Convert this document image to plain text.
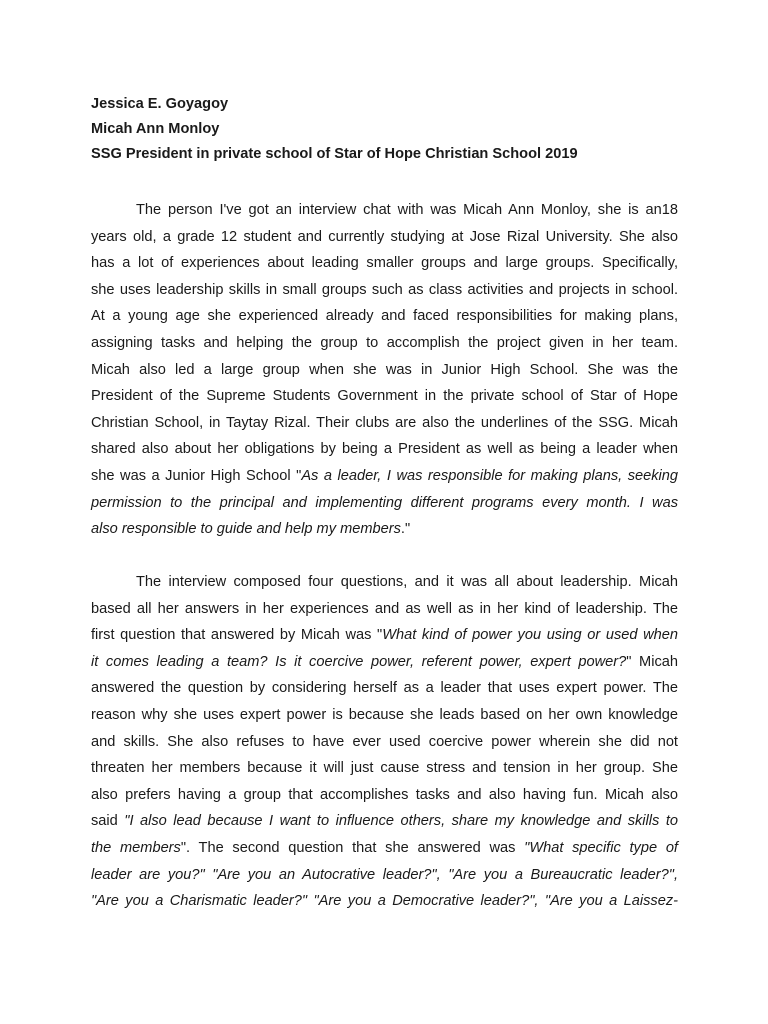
Jessica E. Goyagoy
Micah Ann Monloy
SSG President in private school of Star of Hope Christian School 2019
The person I've got an interview chat with was Micah Ann Monloy, she is an18
years old, a grade 12 student and currently studying at Jose Rizal University. She also
has a lot of experiences about leading smaller groups and large groups. Specifically,
she uses leadership skills in small groups such as class activities and projects in school.
At a young age she experienced already and faced responsibilities for making plans,
assigning tasks and helping the group to accomplish the project given in her team.
Micah also led a large group when she was in Junior High School. She was the
President of the Supreme Students Government in the private school of Star of Hope
Christian School, in Taytay Rizal. Their clubs are also the underlines of the SSG. Micah
shared also about her obligations by being a President as well as being a leader when
she was a Junior High School "As a leader, I was responsible for making plans, seeking
permission to the principal and implementing different programs every month. I was
also responsible to guide and help my members."
The interview composed four questions, and it was all about leadership. Micah
based all her answers in her experiences and as well as in her kind of leadership. The
first question that answered by Micah was "What kind of power you using or used when
it comes leading a team? Is it coercive power, referent power, expert power?" Micah
answered the question by considering herself as a leader that uses expert power. The
reason why she uses expert power is because she leads based on her own knowledge
and skills. She also refuses to have ever used coercive power wherein she did not
threaten her members because it will just cause stress and tension in her group. She
also prefers having a group that accomplishes tasks and also having fun. Micah also
said "I also lead because I want to influence others, share my knowledge and skills to
the members". The second question that she answered was "What specific type of
leader are you?" "Are you an Autocrative leader?", "Are you a Bureaucratic leader?",
"Are you a Charismatic leader?" "Are you a Democrative leader?", "Are you a Laissez-
